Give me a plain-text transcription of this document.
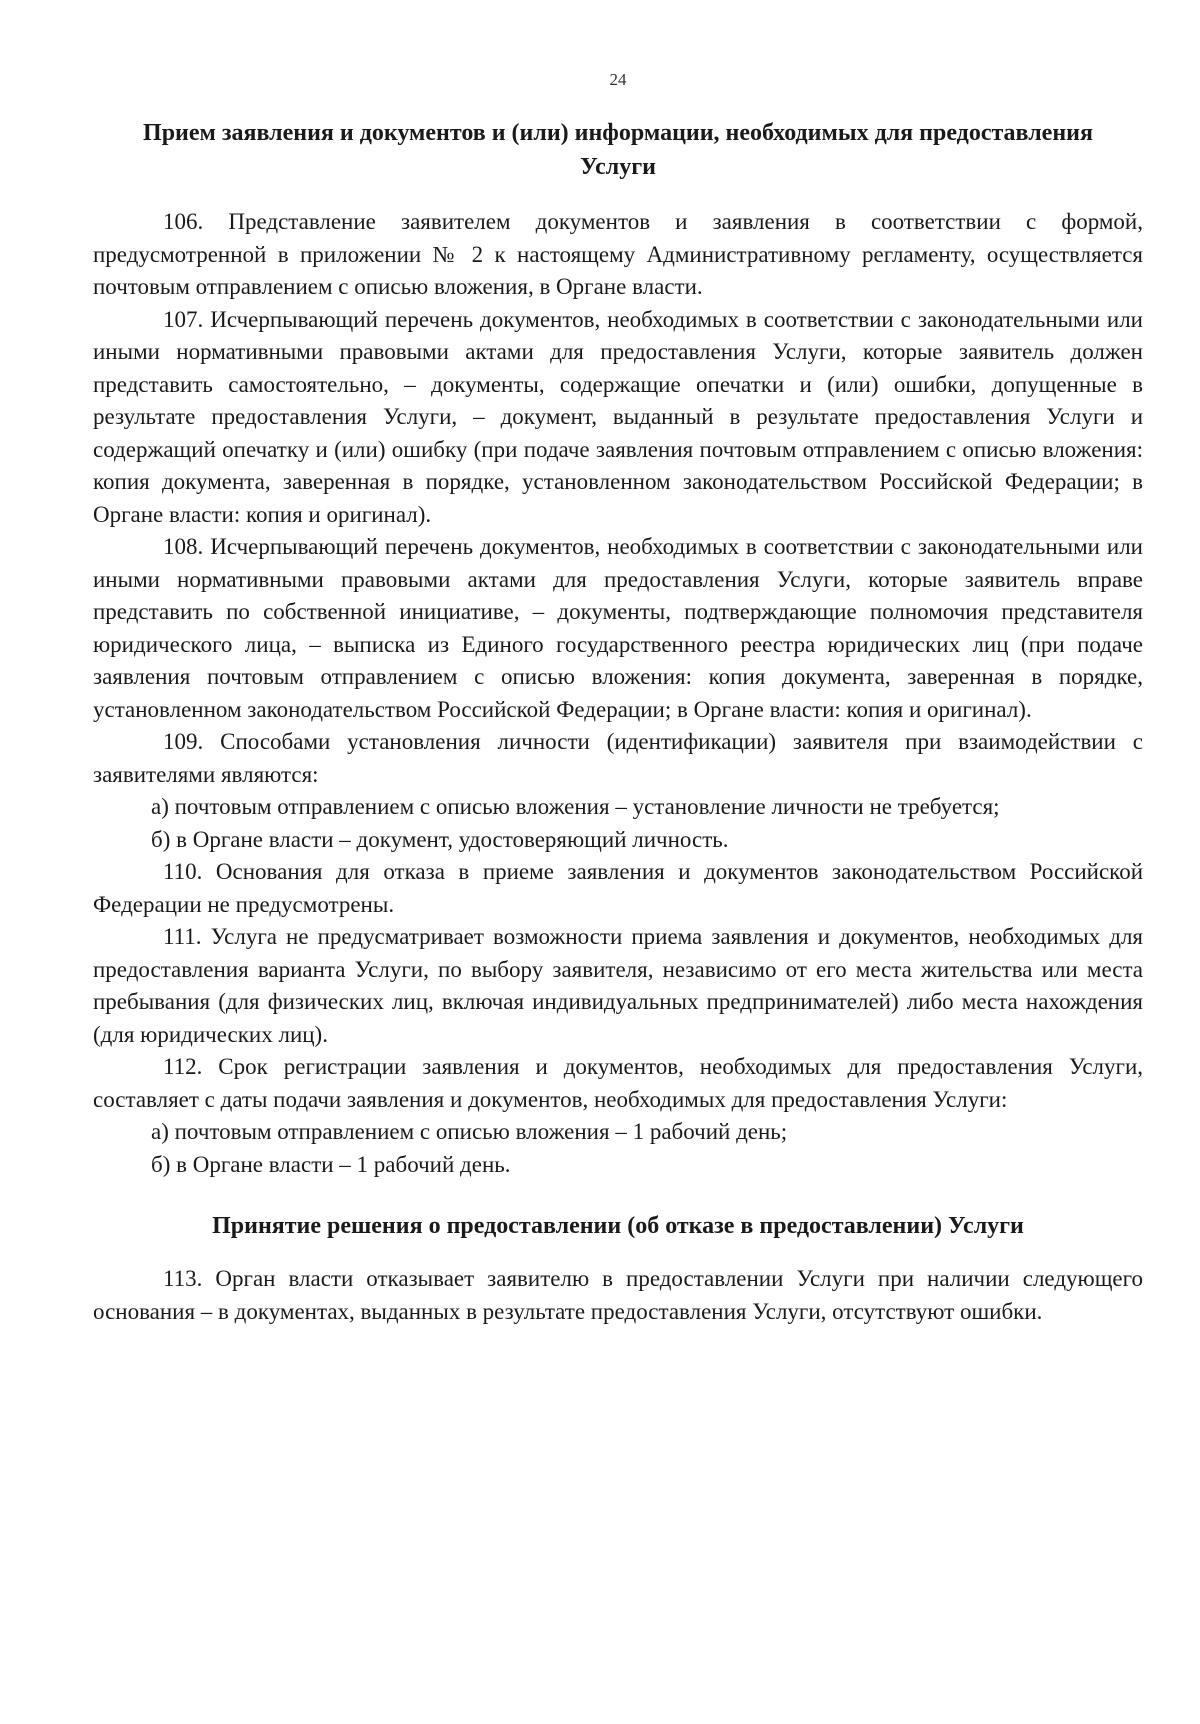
24
Прием заявления и документов и (или) информации, необходимых для предоставления Услуги

106. Представление заявителем документов и заявления в соответствии с формой, предусмотренной в приложении № 2 к настоящему Административному регламенту, осуществляется почтовым отправлением с описью вложения, в Органе власти.

107. Исчерпывающий перечень документов, необходимых в соответствии с законодательными или иными нормативными правовыми актами для предоставления Услуги, которые заявитель должен представить самостоятельно, – документы, содержащие опечатки и (или) ошибки, допущенные в результате предоставления Услуги, – документ, выданный в результате предоставления Услуги и содержащий опечатку и (или) ошибку (при подаче заявления почтовым отправлением с описью вложения: копия документа, заверенная в порядке, установленном законодательством Российской Федерации; в Органе власти: копия и оригинал).

108. Исчерпывающий перечень документов, необходимых в соответствии с законодательными или иными нормативными правовыми актами для предоставления Услуги, которые заявитель вправе представить по собственной инициативе, – документы, подтверждающие полномочия представителя юридического лица, – выписка из Единого государственного реестра юридических лиц (при подаче заявления почтовым отправлением с описью вложения: копия документа, заверенная в порядке, установленном законодательством Российской Федерации; в Органе власти: копия и оригинал).

109. Способами установления личности (идентификации) заявителя при взаимодействии с заявителями являются:

а) почтовым отправлением с описью вложения – установление личности не требуется;

б) в Органе власти – документ, удостоверяющий личность.

110. Основания для отказа в приеме заявления и документов законодательством Российской Федерации не предусмотрены.

111. Услуга не предусматривает возможности приема заявления и документов, необходимых для предоставления варианта Услуги, по выбору заявителя, независимо от его места жительства или места пребывания (для физических лиц, включая индивидуальных предпринимателей) либо места нахождения (для юридических лиц).

112. Срок регистрации заявления и документов, необходимых для предоставления Услуги, составляет с даты подачи заявления и документов, необходимых для предоставления Услуги:

а) почтовым отправлением с описью вложения – 1 рабочий день;

б) в Органе власти – 1 рабочий день.

Принятие решения о предоставлении (об отказе в предоставлении) Услуги

113. Орган власти отказывает заявителю в предоставлении Услуги при наличии следующего основания – в документах, выданных в результате предоставления Услуги, отсутствуют ошибки.
